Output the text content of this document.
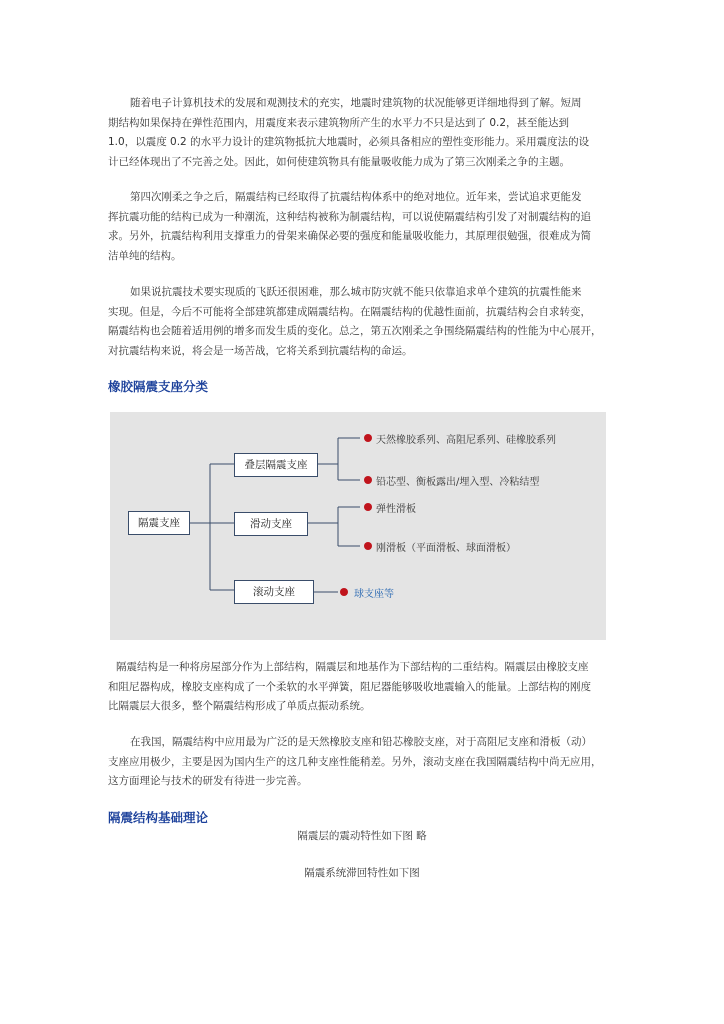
随着电子计算机技术的发展和观测技术的充实，地震时建筑物的状况能够更详细地得到了解。短周
期结构如果保持在弹性范围内，用震度来表示建筑物所产生的水平力不只是达到了 0.2，甚至能达到
1.0，以震度 0.2 的水平力设计的建筑物抵抗大地震时，必须具备相应的塑性变形能力。采用震度法的设
计已经体现出了不完善之处。因此，如何使建筑物具有能量吸收能力成为了第三次刚柔之争的主题。
第四次刚柔之争之后，隔震结构已经取得了抗震结构体系中的绝对地位。近年来，尝试追求更能发
挥抗震功能的结构已成为一种潮流，这种结构被称为制震结构，可以说使隔震结构引发了对制震结构的追
求。另外，抗震结构利用支撑重力的骨架来确保必要的强度和能量吸收能力，其原理很勉强，很难成为简
洁单纯的结构。
如果说抗震技术要实现质的飞跃还很困难，那么城市防灾就不能只依靠追求单个建筑的抗震性能来
实现。但是，今后不可能将全部建筑都建成隔震结构。在隔震结构的优越性面前，抗震结构会自求转变，
隔震结构也会随着适用例的增多而发生质的变化。总之，第五次刚柔之争围绕隔震结构的性能为中心展开，
对抗震结构来说，将会是一场苦战，它将关系到抗震结构的命运。
橡胶隔震支座分类
隔震支座
叠层隔震支座
滑动支座
滚动支座
天然橡胶系列、高阻尼系列、硅橡胶系列
铅芯型、衡板露出/埋入型、冷粘结型
弹性滑板
刚滑板（平面滑板、球面滑板）
球支座等
隔震结构是一种将房屋部分作为上部结构，隔震层和地基作为下部结构的二重结构。隔震层由橡胶支座
和阻尼器构成，橡胶支座构成了一个柔软的水平弹簧，阻尼器能够吸收地震输入的能量。上部结构的刚度
比隔震层大很多，整个隔震结构形成了单质点振动系统。
在我国，隔震结构中应用最为广泛的是天然橡胶支座和铅芯橡胶支座，对于高阻尼支座和滑板（动）
支座应用极少，主要是因为国内生产的这几种支座性能稍差。另外，滚动支座在我国隔震结构中尚无应用，
这方面理论与技术的研发有待进一步完善。
隔震结构基础理论
隔震层的震动特性如下图 略
隔震系统滞回特性如下图
